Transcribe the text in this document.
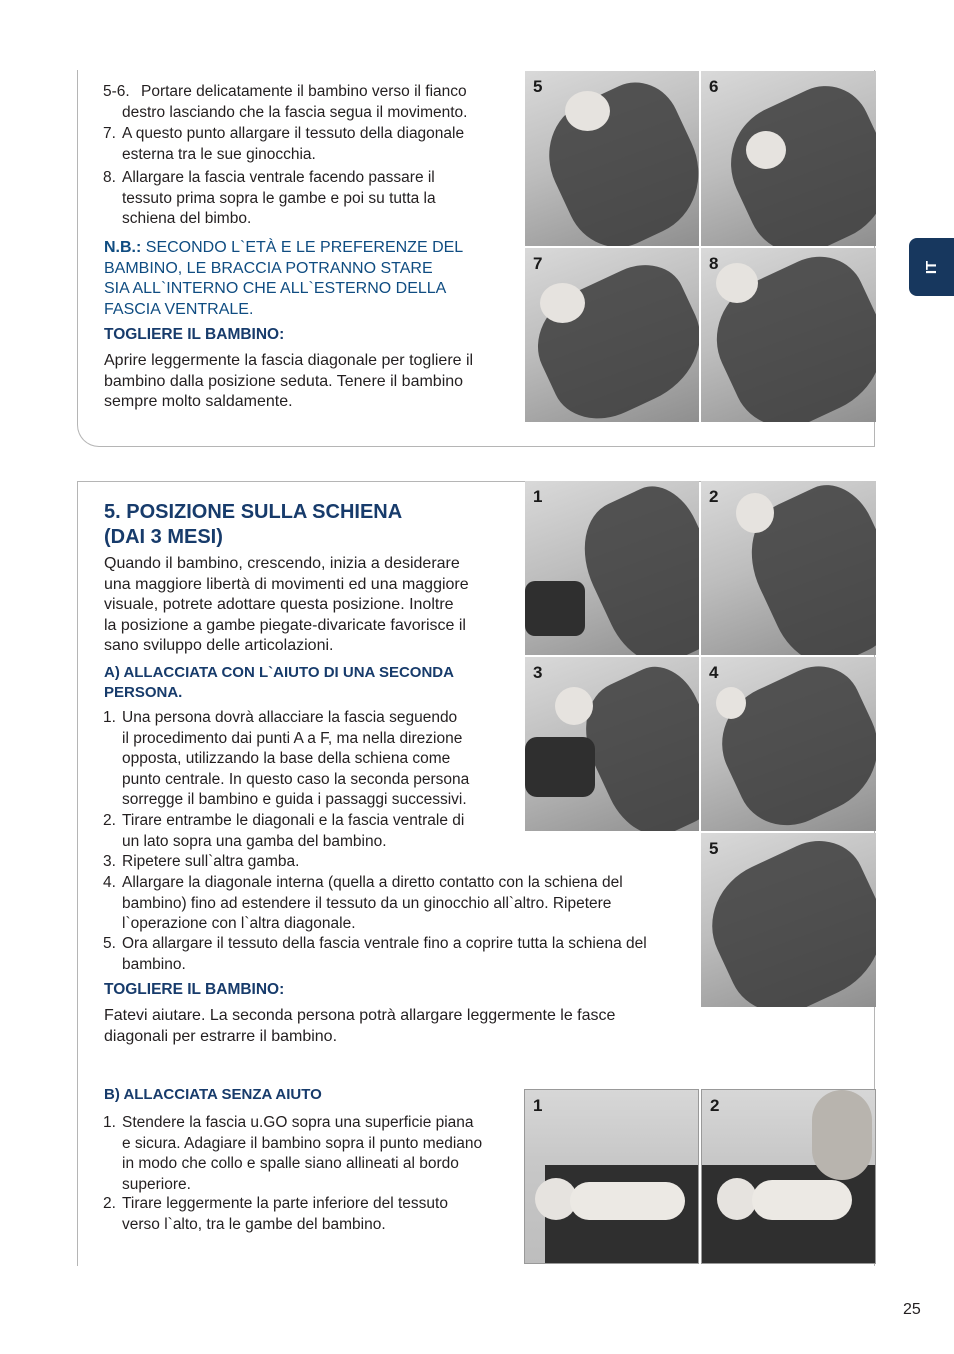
IT
5-6. Portare delicatamente il bambino verso il fianco
destro lasciando che la fascia segua il movimento.
7. A questo punto allargare il tessuto della diagonale
esterna tra le sue ginocchia.
8. Allargare la fascia ventrale facendo passare il
tessuto prima sopra le gambe e poi su tutta la
schiena del bimbo.
N.B.: SECONDO L`ETÀ E LE PREFERENZE DEL
BAMBINO, LE BRACCIA POTRANNO STARE
SIA ALL`INTERNO CHE ALL`ESTERNO DELLA
FASCIA VENTRALE.
TOGLIERE IL BAMBINO:
Aprire leggermente la fascia diagonale per togliere il
bambino dalla posizione seduta. Tenere il bambino
sempre molto saldamente.
5	6
7	8
5. POSIZIONE SULLA SCHIENA
(DAI 3 MESI)
Quando il bambino, crescendo, inizia a desiderare
una maggiore libertà di movimenti ed una maggiore
visuale, potrete adottare questa posizione. Inoltre
la posizione a gambe piegate-divaricate favorisce il
sano sviluppo delle articolazioni.
A) ALLACCIATA CON L`AIUTO DI UNA SECONDA
PERSONA.
1. Una persona dovrà allacciare la fascia seguendo
il procedimento dai punti A a F, ma nella direzione
opposta, utilizzando la base della schiena come
punto centrale. In questo caso la seconda persona
sorregge il bambino e guida i passaggi successivi.
2. Tirare entrambe le diagonali e la fascia ventrale di
un lato sopra una gamba del bambino.
3. Ripetere sull`altra gamba.
4. Allargare la diagonale interna (quella a diretto contatto con la schiena del
bambino) fino ad estendere il tessuto da un ginocchio all`altro. Ripetere
l`operazione con l`altra diagonale.
5. Ora allargare il tessuto della fascia ventrale fino a coprire tutta la schiena del
bambino.
TOGLIERE IL BAMBINO:
Fatevi aiutare. La seconda persona potrà allargare leggermente le fasce
diagonali per estrarre il bambino.
1	2
3	4
5
B) ALLACCIATA SENZA AIUTO
1. Stendere la fascia u.GO sopra una superficie piana
e sicura. Adagiare il bambino sopra il punto mediano
in modo che collo e spalle siano allineati al bordo
superiore.
2. Tirare leggermente la parte inferiore del tessuto
verso l`alto, tra le gambe del bambino.
1	2
25
